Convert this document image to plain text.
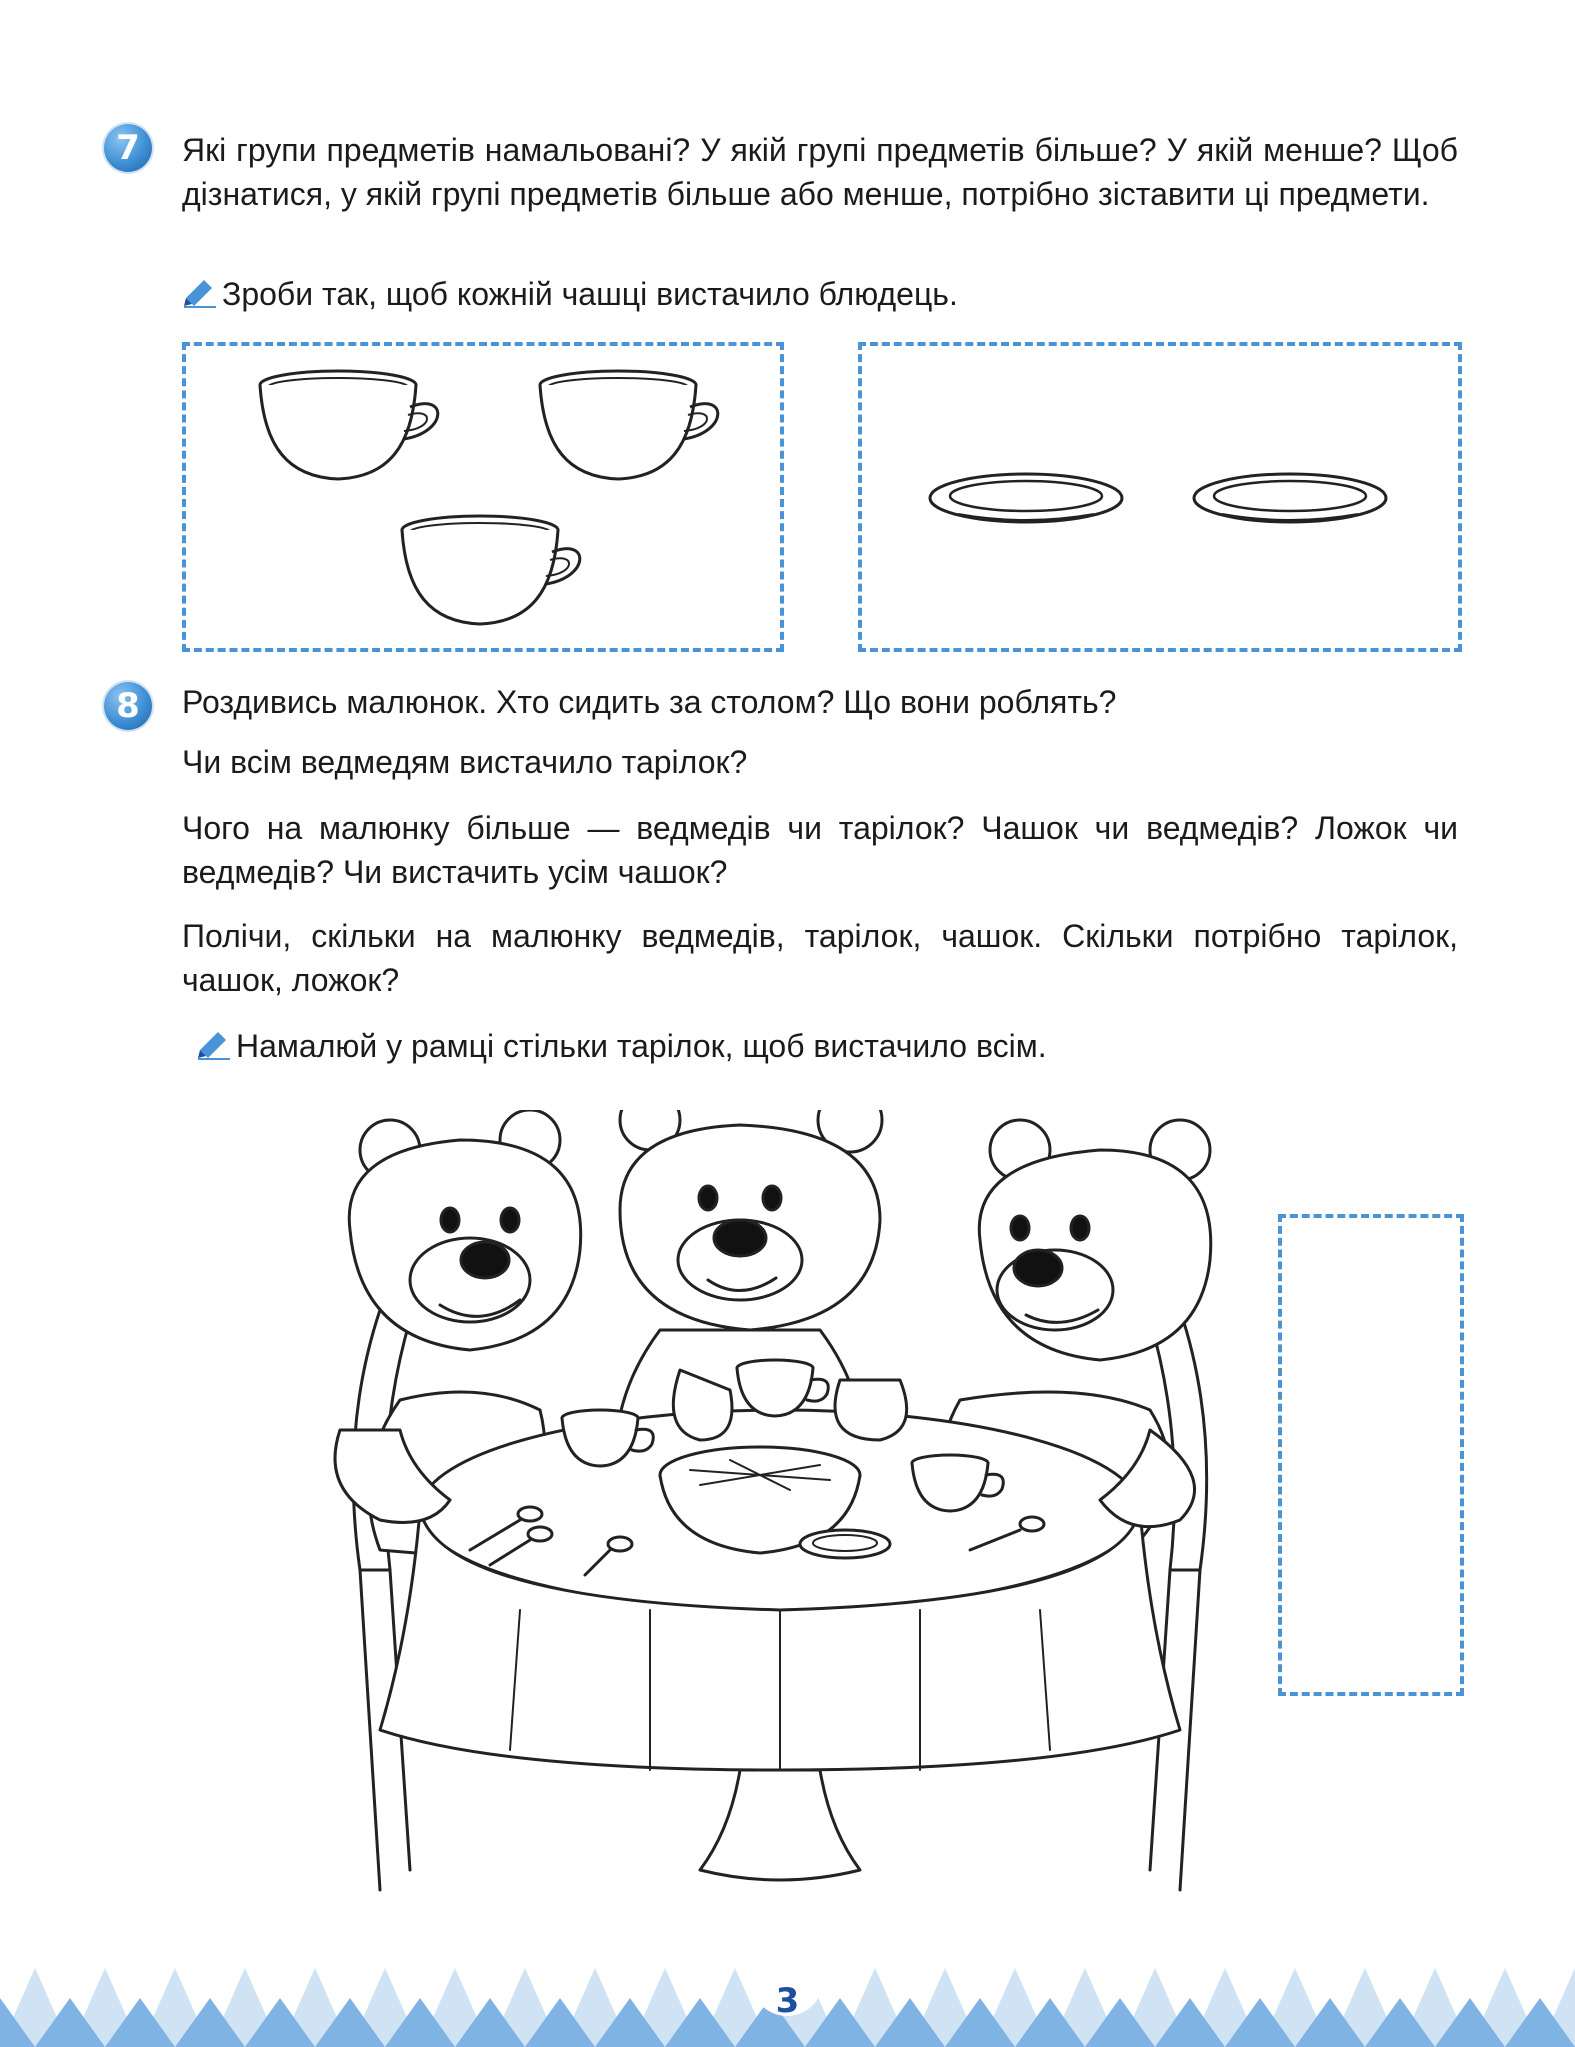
7	Які групи предметів намальовані? У якій групі предметів більше? У якій менше? Щоб дізнатися, у якій групі предметів більше або менше, потрібно зіставити ці предмети.

Зроби так, щоб кожній чашці вистачило блюдець.

8	Роздивись малюнок. Хто сидить за столом? Що вони роблять?

Чи всім ведмедям вистачило тарілок?

Чого на малюнку більше — ведмедів чи тарілок? Чашок чи ведмедів? Ложок чи ведмедів? Чи вистачить усім чашок?

Полічи, скільки на малюнку ведмедів, тарілок, чашок. Скільки потрібно тарілок, чашок, ложок?

Намалюй у рамці стільки тарілок, щоб вистачило всім.

3
